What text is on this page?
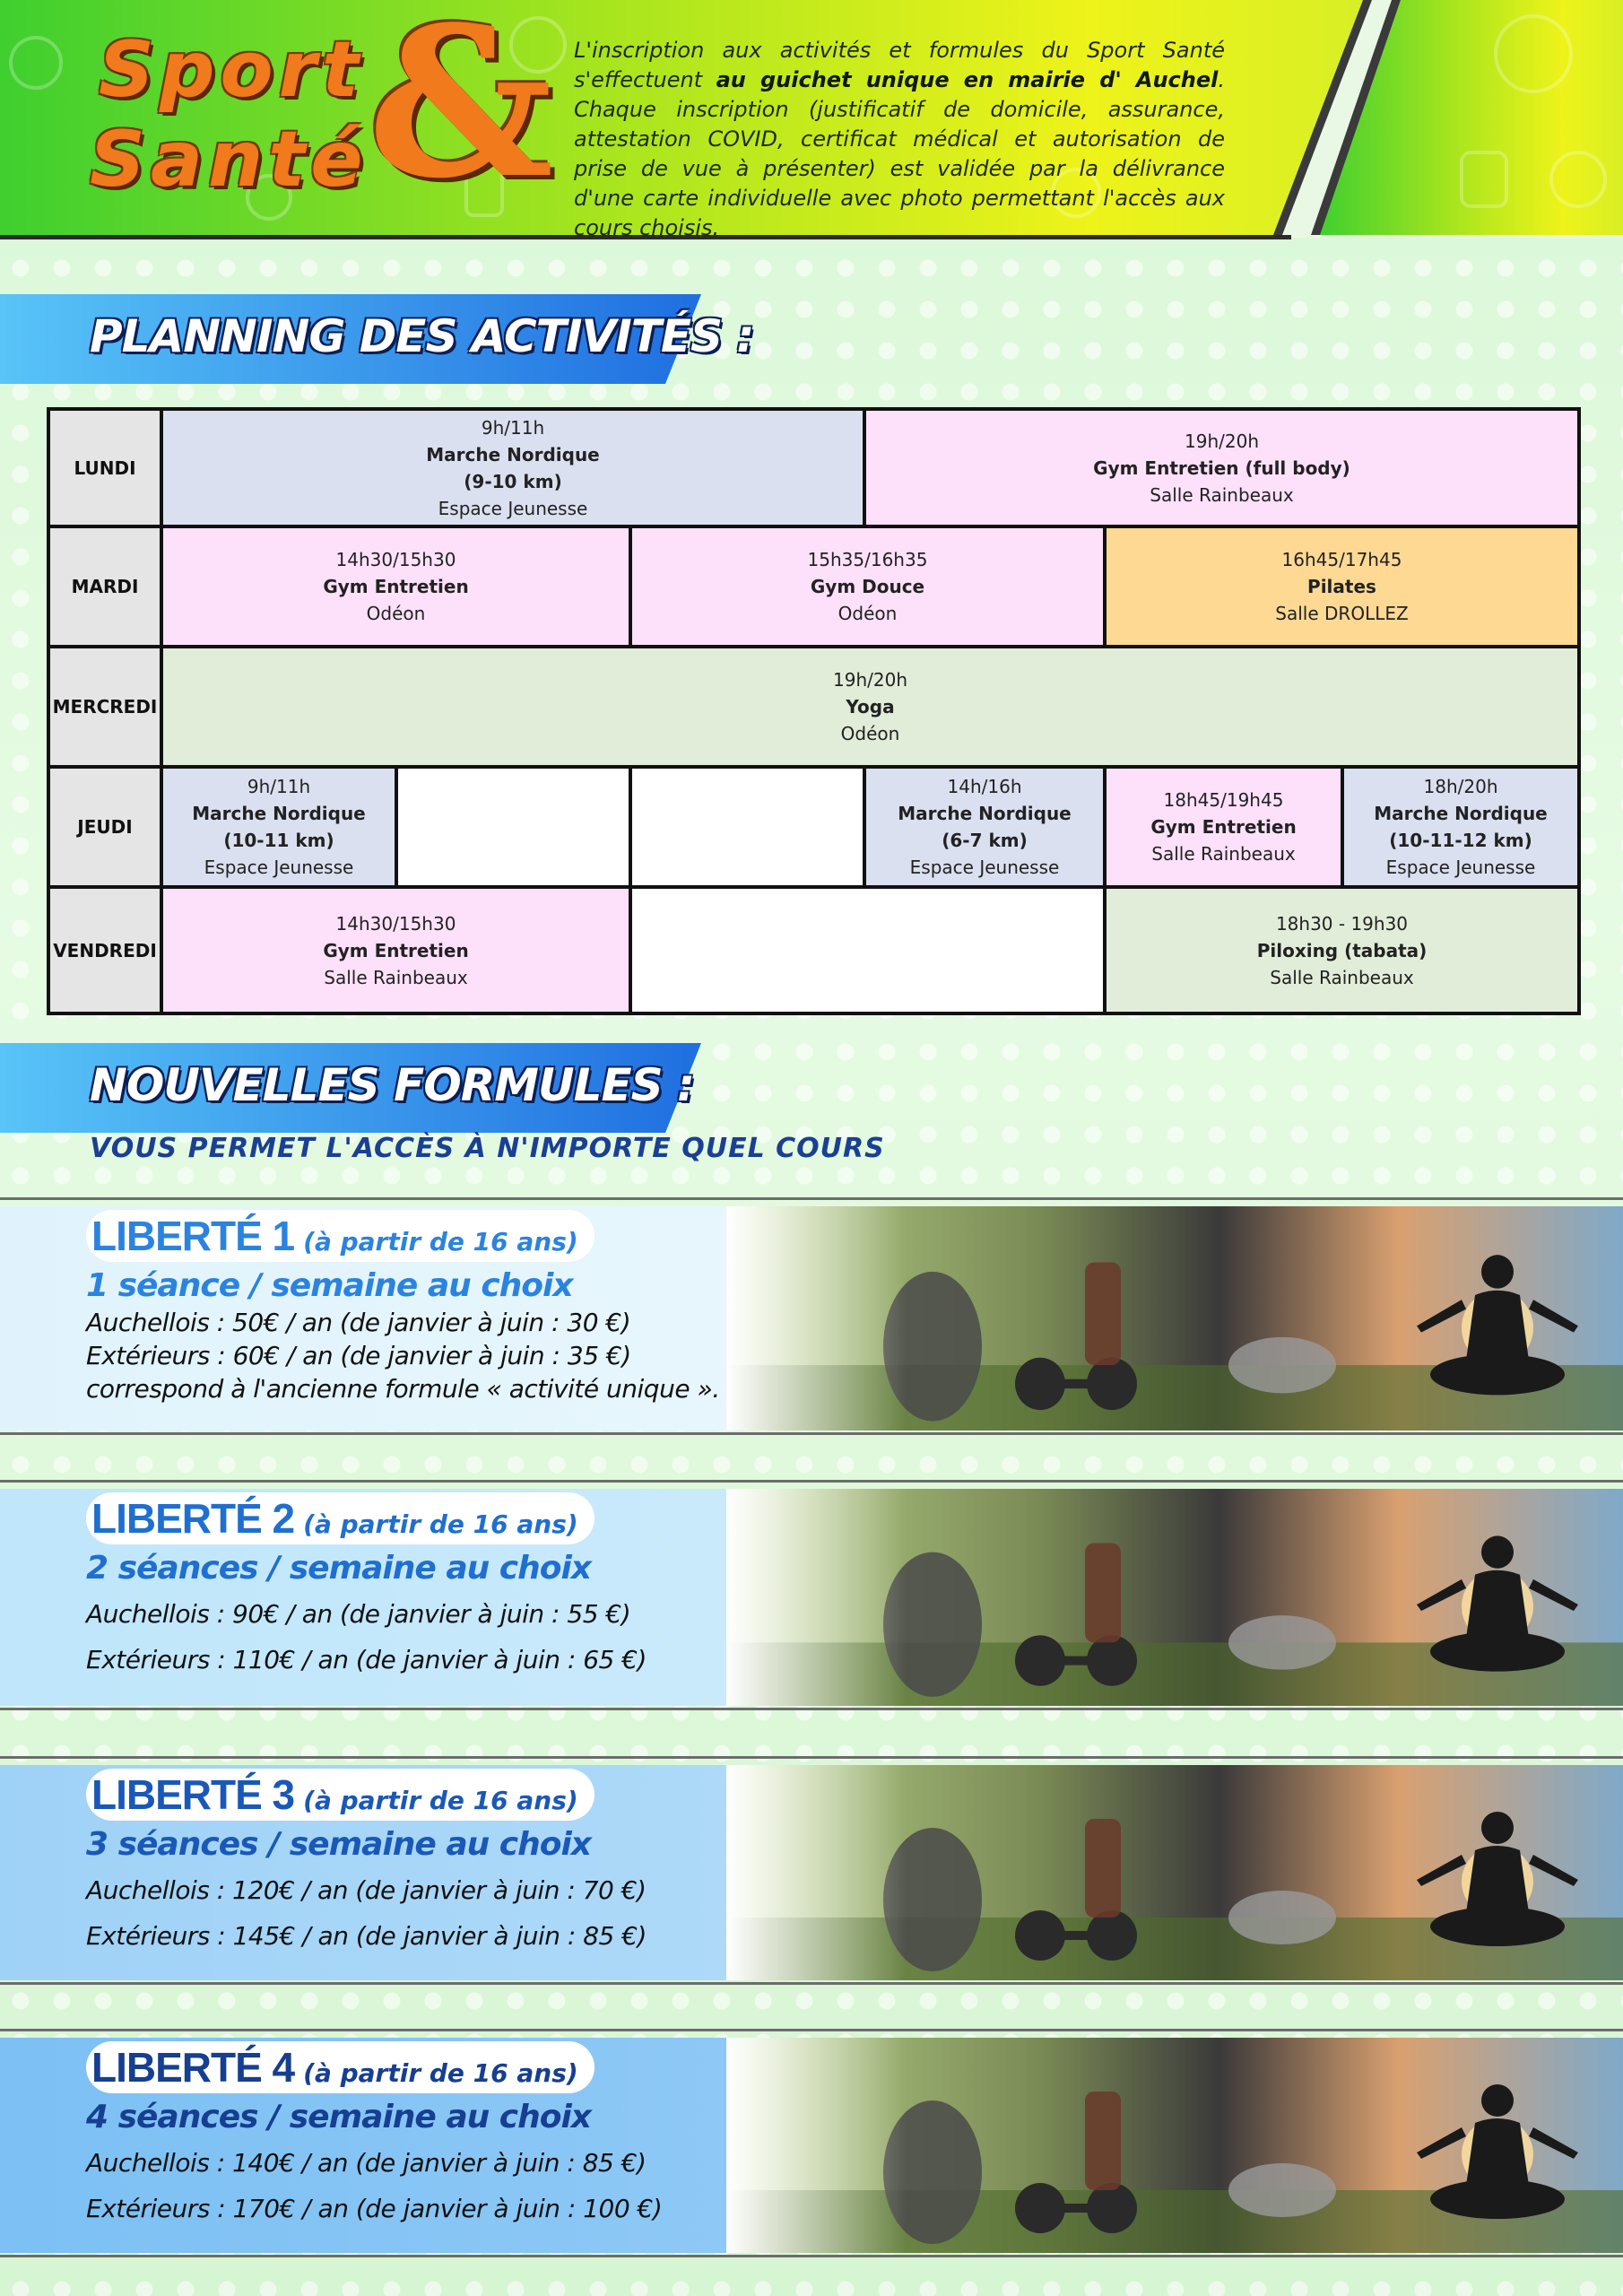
Sport
Santé & L'inscription aux activités et formules du Sport Santé s'effectuent au guichet unique en mairie d' Auchel. Chaque inscription (justificatif de domicile, assurance, attestation COVID, certificat médical et autorisation de prise de vue à présenter) est validée par la délivrance d'une carte individuelle avec photo permettant l'accès aux cours choisis.
PLANNING DES ACTIVITÉS :
LUNDI
9h/11h
Marche Nordique
(9-10 km)
Espace Jeunesse
19h/20h
Gym Entretien (full body)
Salle Rainbeaux
MARDI
14h30/15h30
Gym Entretien
Odéon
15h35/16h35
Gym Douce
Odéon
16h45/17h45
Pilates
Salle DROLLEZ
MERCREDI
19h/20h
Yoga
Odéon
JEUDI
9h/11h
Marche Nordique
(10-11 km)
Espace Jeunesse
14h/16h
Marche Nordique
(6-7 km)
Espace Jeunesse
18h45/19h45
Gym Entretien
Salle Rainbeaux
18h/20h
Marche Nordique
(10-11-12 km)
Espace Jeunesse
VENDREDI
14h30/15h30
Gym Entretien
Salle Rainbeaux
18h30 - 19h30
Piloxing (tabata)
Salle Rainbeaux
NOUVELLES FORMULES :
VOUS PERMET L'ACCÈS À N'IMPORTE QUEL COURS
LIBERTÉ 1 (à partir de 16 ans)
1 séance / semaine au choix
Auchellois : 50€ / an (de janvier à juin : 30 €)
Extérieurs : 60€ / an (de janvier à juin : 35 €)
correspond à l'ancienne formule « activité unique ».
LIBERTÉ 2 (à partir de 16 ans)
2 séances / semaine au choix
Auchellois : 90€ / an (de janvier à juin : 55 €)
Extérieurs : 110€ / an (de janvier à juin : 65 €)
LIBERTÉ 3 (à partir de 16 ans)
3 séances / semaine au choix
Auchellois : 120€ / an (de janvier à juin : 70 €)
Extérieurs : 145€ / an (de janvier à juin : 85 €)
LIBERTÉ 4 (à partir de 16 ans)
4 séances / semaine au choix
Auchellois : 140€ / an (de janvier à juin : 85 €)
Extérieurs : 170€ / an (de janvier à juin : 100 €)
